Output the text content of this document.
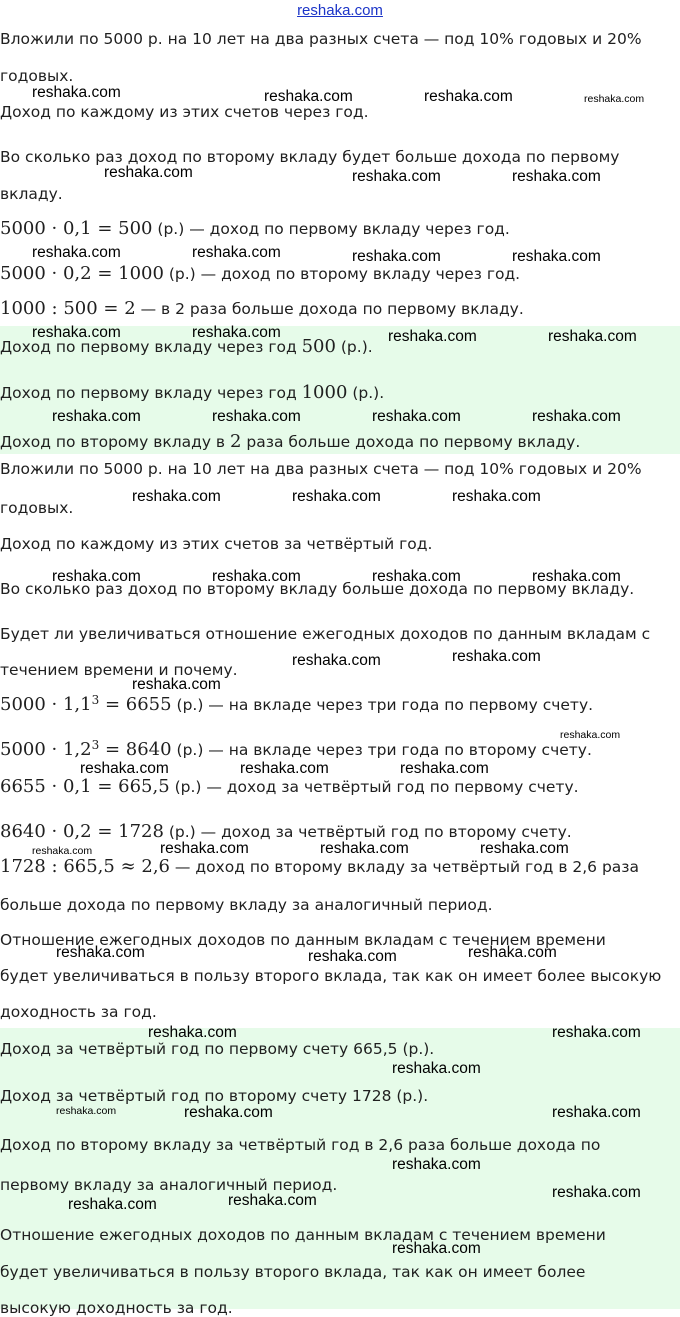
reshaka.com
Вложили по 5000 р. на 10 лет на два разных счета — под 10% годовых и 20%
годовых.
Доход по каждому из этих счетов через год.
Во сколько раз доход по второму вкладу будет больше дохода по первому
вкладу.
5000 · 0,1 = 500 (р.) — доход по первому вкладу через год.
5000 · 0,2 = 1000 (р.) — доход по второму вкладу через год.
1000 : 500 = 2 — в 2 раза больше дохода по первому вкладу.
Доход по первому вкладу через год 500 (р.).
Доход по первому вкладу через год 1000 (р.).
Доход по второму вкладу в 2 раза больше дохода по первому вкладу.
Вложили по 5000 р. на 10 лет на два разных счета — под 10% годовых и 20%
годовых.
Доход по каждому из этих счетов за четвёртый год.
Во сколько раз доход по второму вкладу больше дохода по первому вкладу.
Будет ли увеличиваться отношение ежегодных доходов по данным вкладам с
течением времени и почему.
$5000 \cdot 1,1^3 = 6655$ (р.) — на вкладе через три года по первому счету.
$5000 \cdot 1,2^3 = 8640$ (р.) — на вкладе через три года по второму счету.
6655 · 0,1 = 665,5 (р.) — доход за четвёртый год по первому счету.
8640 · 0,2 = 1728 (р.) — доход за четвёртый год по второму счету.
1728 : 665,5 ≈ 2,6 — доход по второму вкладу за четвёртый год в 2,6 раза
больше дохода по первому вкладу за аналогичный период.
Отношение ежегодных доходов по данным вкладам с течением времени
будет увеличиваться в пользу второго вклада, так как он имеет более высокую
доходность за год.
Доход за четвёртый год по первому счету 665,5 (р.).
Доход за четвёртый год по второму счету 1728 (р.).
Доход по второму вкладу за четвёртый год в 2,6 раза больше дохода по
первому вкладу за аналогичный период.
Отношение ежегодных доходов по данным вкладам с течением времени
будет увеличиваться в пользу второго вклада, так как он имеет более
высокую доходность за год.
reshaka.com	reshaka.com	reshaka.com	reshaka.com
reshaka.com	reshaka.com	reshaka.com
reshaka.com	reshaka.com	reshaka.com	reshaka.com
reshaka.com	reshaka.com	reshaka.com	reshaka.com
reshaka.com	reshaka.com	reshaka.com	reshaka.com
reshaka.com	reshaka.com	reshaka.com
reshaka.com	reshaka.com	reshaka.com	reshaka.com
reshaka.com	reshaka.com
reshaka.com
reshaka.com
reshaka.com	reshaka.com	reshaka.com
reshaka.com	reshaka.com	reshaka.com	reshaka.com
reshaka.com	reshaka.com	reshaka.com
reshaka.com	reshaka.com
reshaka.com
reshaka.com	reshaka.com	reshaka.com
reshaka.com
reshaka.com
reshaka.com
reshaka.com
reshaka.com
